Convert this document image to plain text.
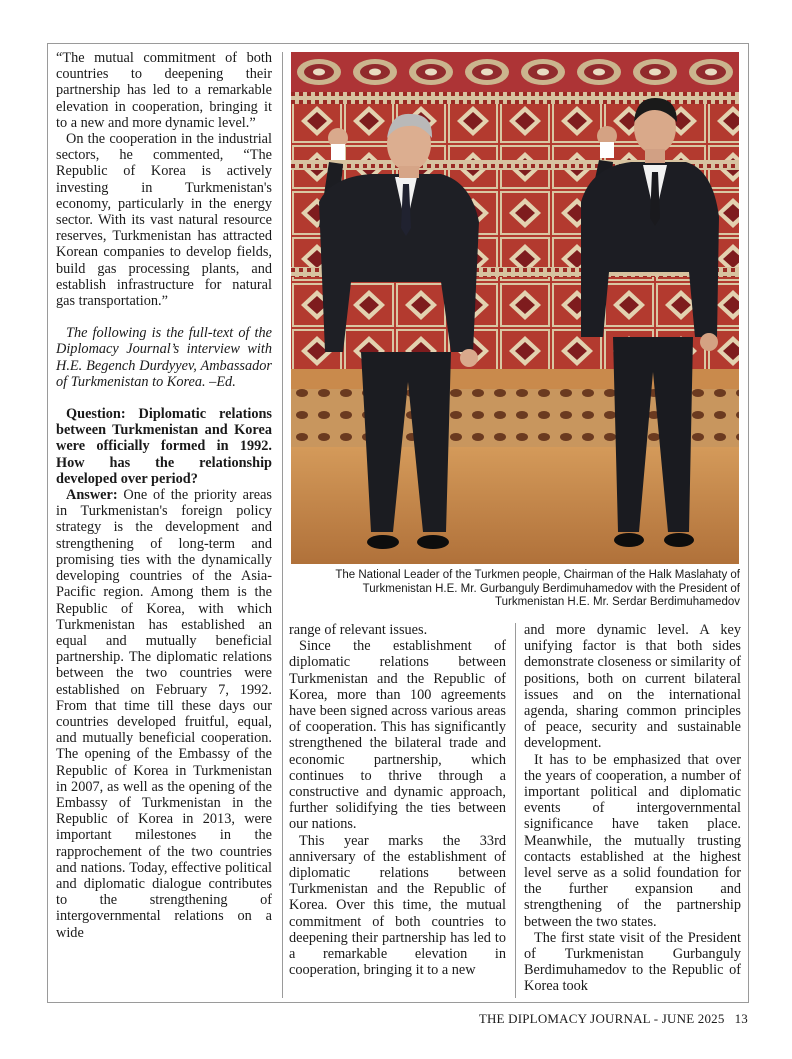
“The mutual commitment of both countries to deepening their partnership has led to a remarkable elevation in cooperation, bringing it to a new and more dynamic level.”

On the cooperation in the industrial sectors, he commented, “The Republic of Korea is actively investing in Turkmenistan's economy, particularly in the energy sector. With its vast natural resource reserves, Turkmenistan has attracted Korean companies to develop fields, build gas processing plants, and establish infrastructure for natural gas transportation.”

The following is the full-text of the Diplomacy Journal’s interview with H.E. Begench Durdyyev, Ambassador of Turkmenistan to Korea. –Ed.

Question: Diplomatic relations between Turkmenistan and Korea were officially formed in 1992. How has the relationship developed over period?

Answer: One of the priority areas in Turkmenistan's foreign policy strategy is the development and strengthening of long-term and promising ties with the dynamically developing countries of the Asia-Pacific region. Among them is the Republic of Korea, with which Turkmenistan has established an equal and mutually beneficial partnership. The diplomatic relations between the two countries were established on February 7, 1992. From that time till these days our countries developed fruitful, equal, and mutually beneficial cooperation. The opening of the Embassy of the Republic of Korea in Turkmenistan in 2007, as well as the opening of the Embassy of Turkmenistan in the Republic of Korea in 2013, were important milestones in the rapprochement of the two countries and nations. Today, effective political and diplomatic dialogue contributes to the strengthening of intergovernmental relations on a wide

The National Leader of the Turkmen people, Chairman of the Halk Maslahaty of Turkmenistan H.E. Mr. Gurbanguly Berdimuhamedov with the President of Turkmenistan H.E. Mr. Serdar Berdimuhamedov

range of relevant issues.

Since the establishment of diplomatic relations between Turkmenistan and the Republic of Korea, more than 100 agreements have been signed across various areas of cooperation. This has significantly strengthened the bilateral trade and economic partnership, which continues to thrive through a constructive and dynamic approach, further solidifying the ties between our nations.

This year marks the 33rd anniversary of the establishment of diplomatic relations between Turkmenistan and the Republic of Korea. Over this time, the mutual commitment of both countries to deepening their partnership has led to a remarkable elevation in cooperation, bringing it to a new

and more dynamic level. A key unifying factor is that both sides demonstrate closeness or similarity of positions, both on current bilateral issues and on the international agenda, sharing common principles of peace, security and sustainable development.

It has to be emphasized that over the years of cooperation, a number of important political and diplomatic events of intergovernmental significance have taken place. Meanwhile, the mutually trusting contacts established at the highest level serve as a solid foundation for the further expansion and strengthening of the partnership between the two states.

The first state visit of the President of Turkmenistan Gurbanguly Berdimuhamedov to the Republic of Korea took

THE DIPLOMACY JOURNAL - JUNE 2025 13
